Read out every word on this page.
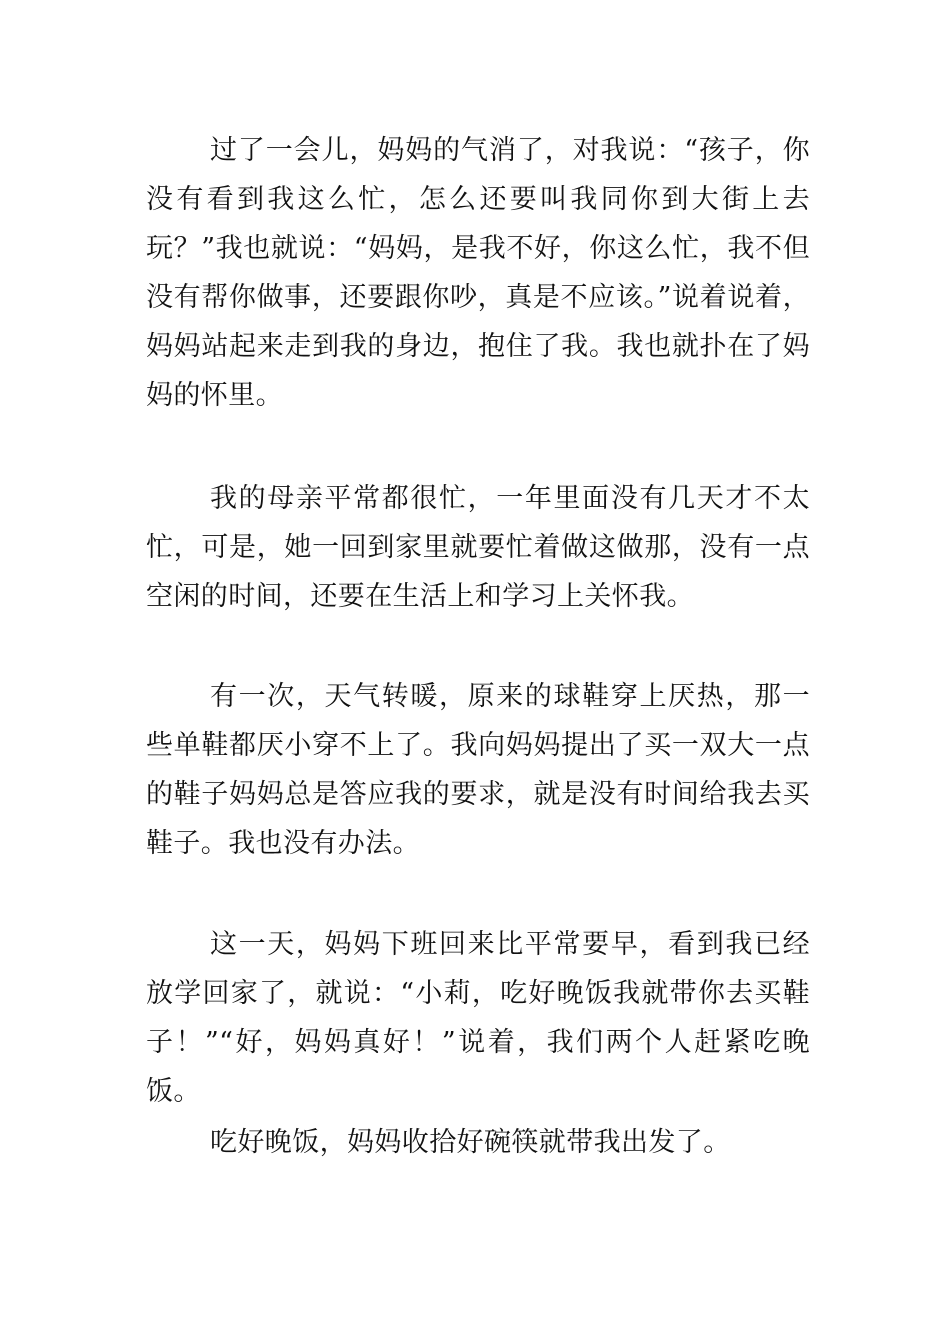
过了一会儿，妈妈的气消了，对我说：“孩子，你没有看到我这么忙，怎么还要叫我同你到大街上去玩？”我也就说：“妈妈，是我不好，你这么忙，我不但没有帮你做事，还要跟你吵，真是不应该。”说着说着，妈妈站起来走到我的身边，抱住了我。我也就扑在了妈妈的怀里。

我的母亲平常都很忙，一年里面没有几天才不太忙，可是，她一回到家里就要忙着做这做那，没有一点空闲的时间，还要在生活上和学习上关怀我。

有一次，天气转暖，原来的球鞋穿上厌热，那一些单鞋都厌小穿不上了。我向妈妈提出了买一双大一点的鞋子妈妈总是答应我的要求，就是没有时间给我去买鞋子。我也没有办法。

这一天，妈妈下班回来比平常要早，看到我已经放学回家了，就说：“小莉，吃好晚饭我就带你去买鞋子！”“好，妈妈真好！”说着，我们两个人赶紧吃晚饭。

吃好晚饭，妈妈收拾好碗筷就带我出发了。
